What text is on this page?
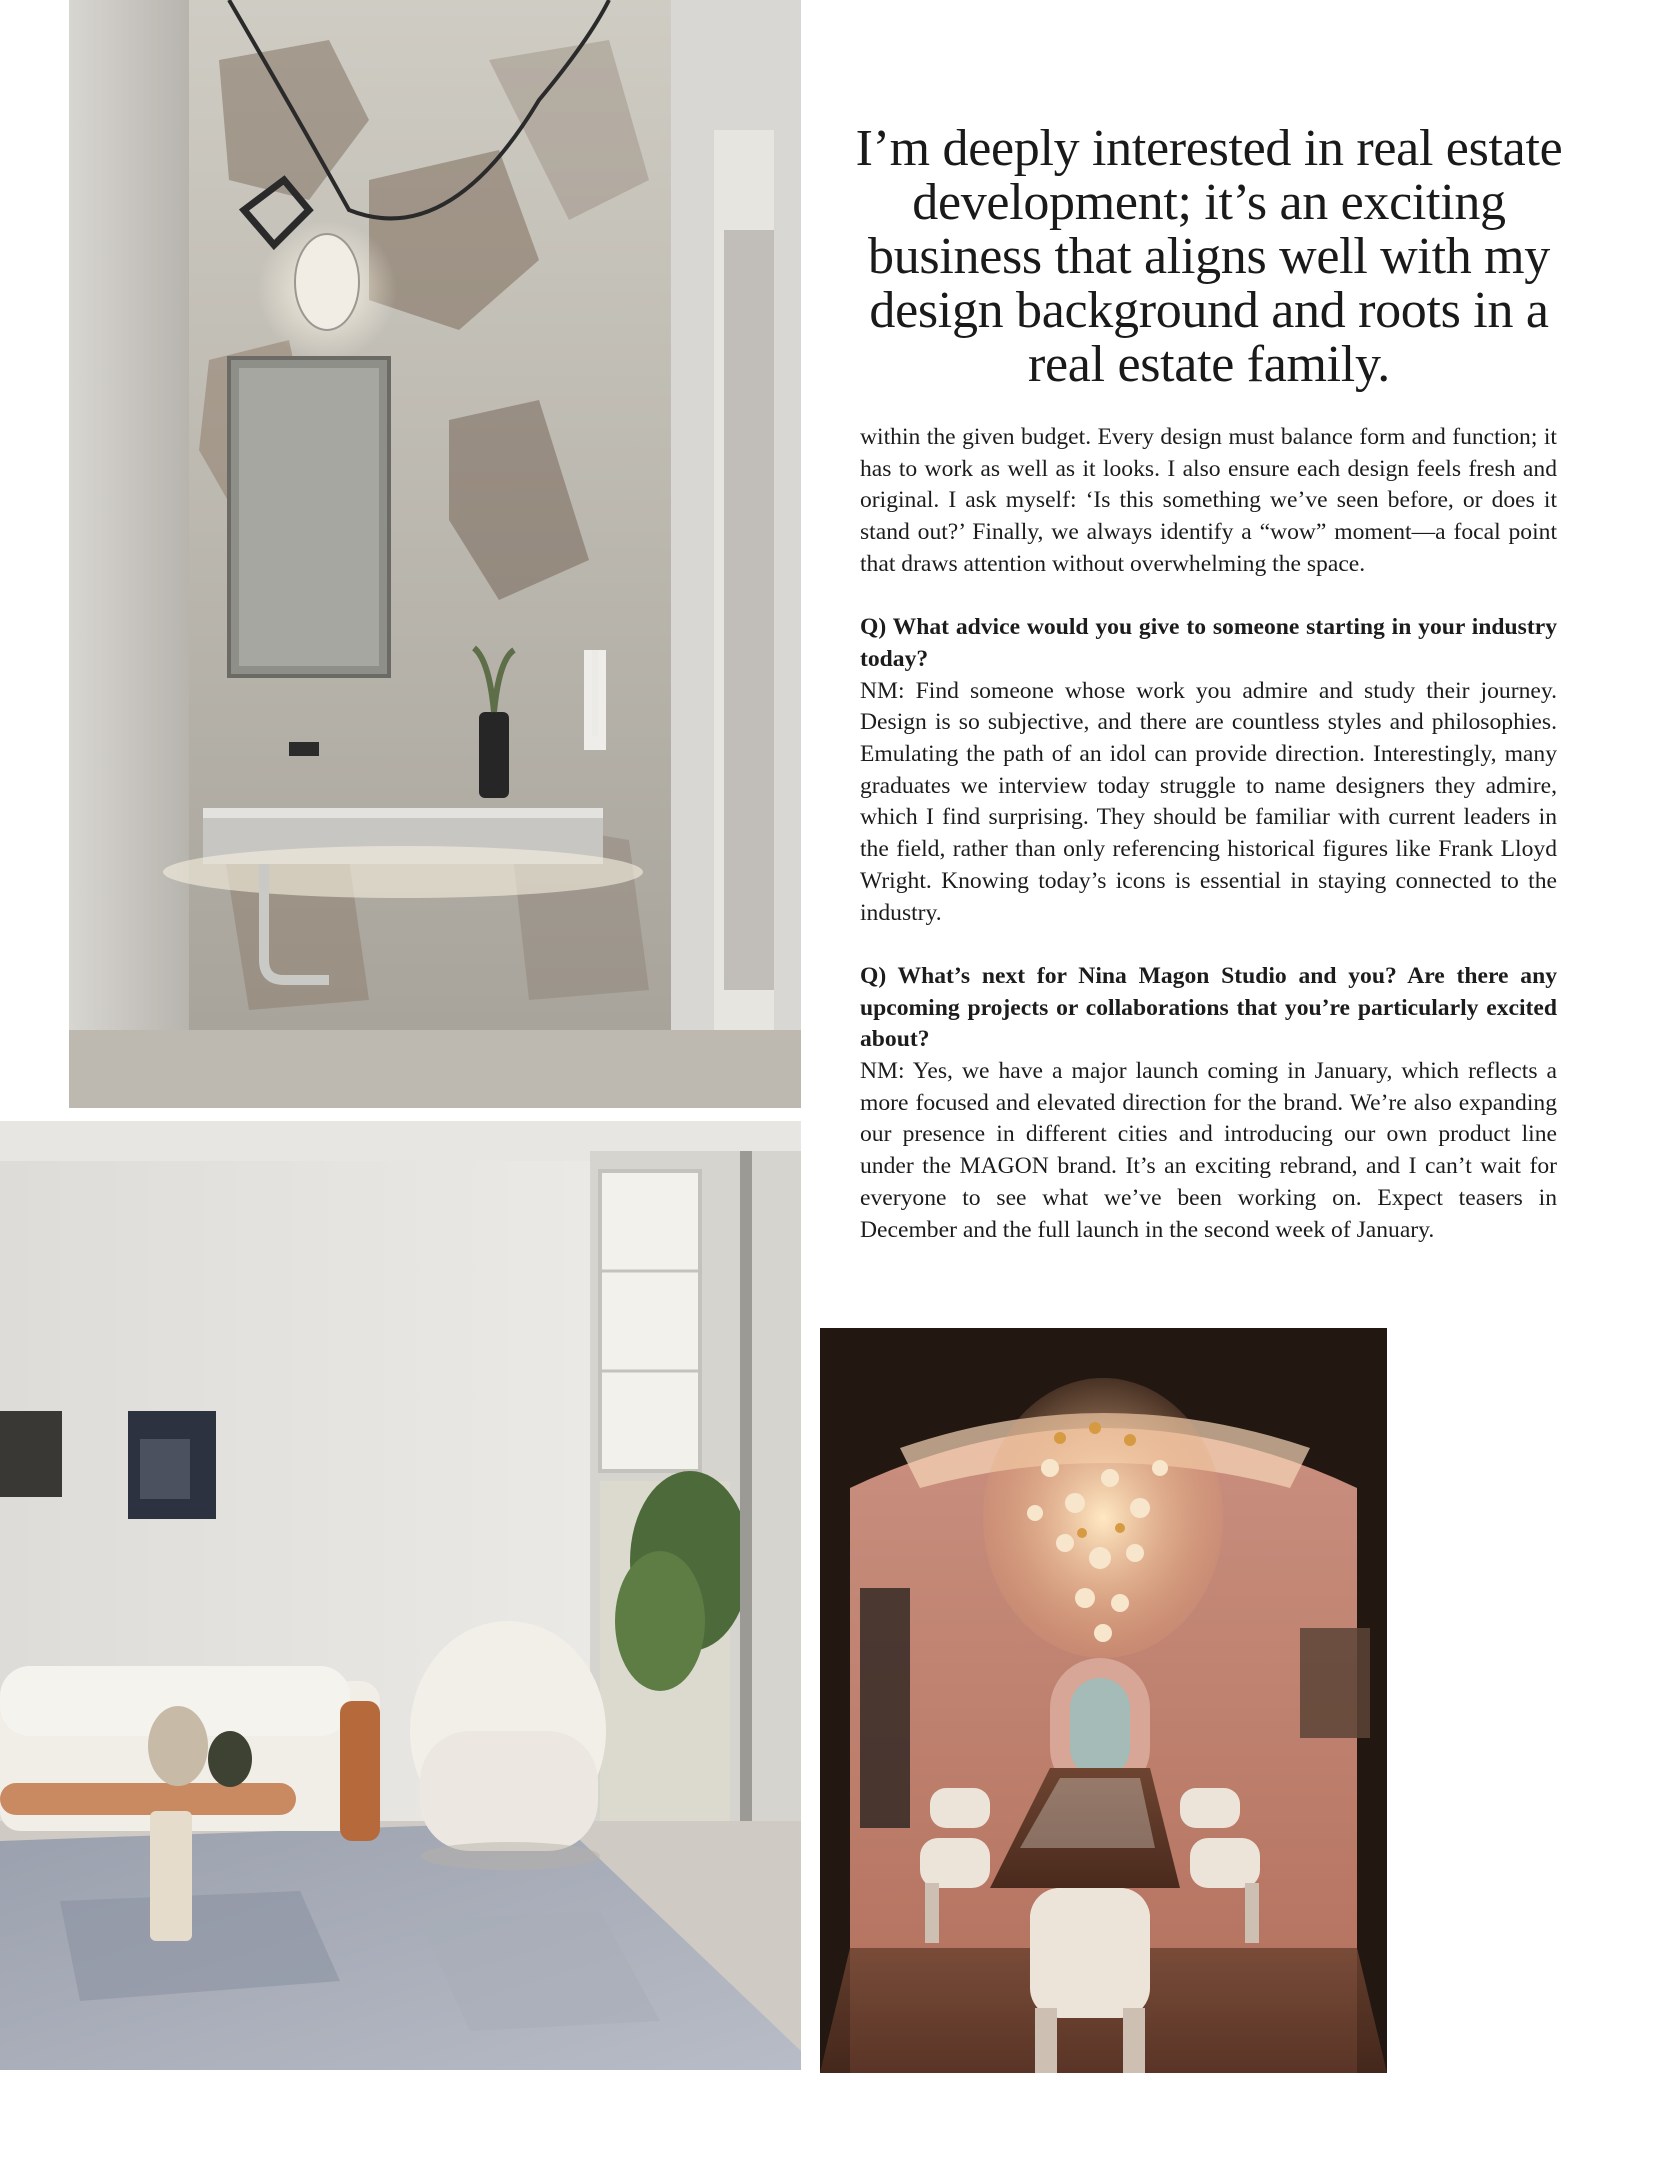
I’m deeply interested in real estate development; it’s an exciting business that aligns well with my design background and roots in a real estate family.

within the given budget. Every design must balance form and function; it has to work as well as it looks. I also ensure each design feels fresh and original. I ask myself: ‘Is this something we’ve seen before, or does it stand out?’ Finally, we always identify a “wow” moment—a focal point that draws attention without overwhelming the space.

Q) What advice would you give to someone starting in your industry today?

NM: Find someone whose work you admire and study their journey. Design is so subjective, and there are countless styles and philosophies. Emulating the path of an idol can provide direction. Interestingly, many graduates we interview today struggle to name designers they admire, which I find surprising. They should be familiar with current leaders in the field, rather than only referencing historical figures like Frank Lloyd Wright. Knowing today’s icons is essential in staying connected to the industry.

Q) What’s next for Nina Magon Studio and you? Are there any upcoming projects or collaborations that you’re particularly excited about?

NM: Yes, we have a major launch coming in January, which reflects a more focused and elevated direction for the brand. We’re also expanding our presence in different cities and introducing our own product line under the MAGON brand. It’s an exciting rebrand, and I can’t wait for everyone to see what we’ve been working on. Expect teasers in December and the full launch in the second week of January.
